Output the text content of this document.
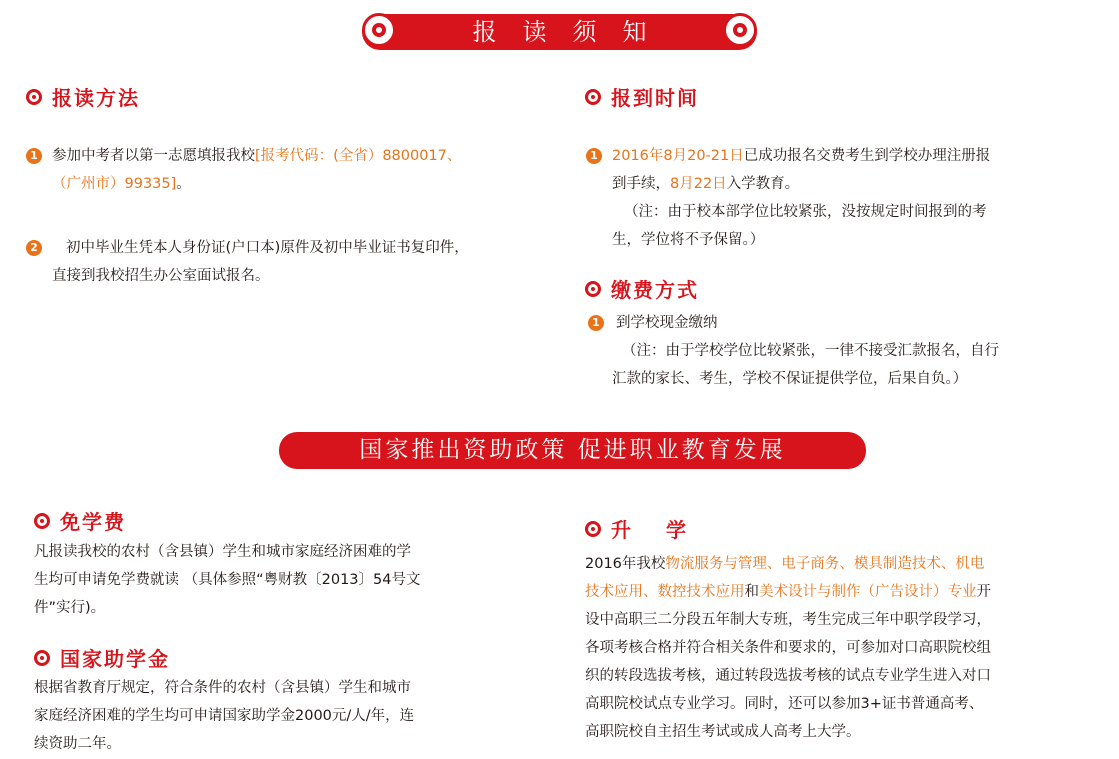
报读须知
报读方法
1 参加中考者以第一志愿填报我校[报考代码：(全省）8800017、
（广州市）99335]。
2	初中毕业生凭本人身份证(户口本)原件及初中毕业证书复印件，
直接到我校招生办公室面试报名。
报到时间
1 2016年8月20-21日已成功报名交费考生到学校办理注册报
到手续，8月22日入学教育。
（注：由于校本部学位比较紧张，没按规定时间报到的考
生，学位将不予保留。）
缴费方式
1 到学校现金缴纳
（注：由于学校学位比较紧张，一律不接受汇款报名，自行
汇款的家长、考生，学校不保证提供学位，后果自负。）
国家推出资助政策 促进职业教育发展
免学费
凡报读我校的农村（含县镇）学生和城市家庭经济困难的学
生均可申请免学费就读 （具体参照“粤财教〔2013〕54号文
件”实行)。
国家助学金
根据省教育厅规定，符合条件的农村（含县镇）学生和城市
家庭经济困难的学生均可申请国家助学金2000元/人/年，连
续资助二年。
升 学
2016年我校物流服务与管理、电子商务、模具制造技术、机电
技术应用、数控技术应用和美术设计与制作（广告设计）专业开
设中高职三二分段五年制大专班，考生完成三年中职学段学习，
各项考核合格并符合相关条件和要求的，可参加对口高职院校组
织的转段选拔考核，通过转段选拔考核的试点专业学生进入对口
高职院校试点专业学习。同时，还可以参加3+证书普通高考、
高职院校自主招生考试或成人高考上大学。
